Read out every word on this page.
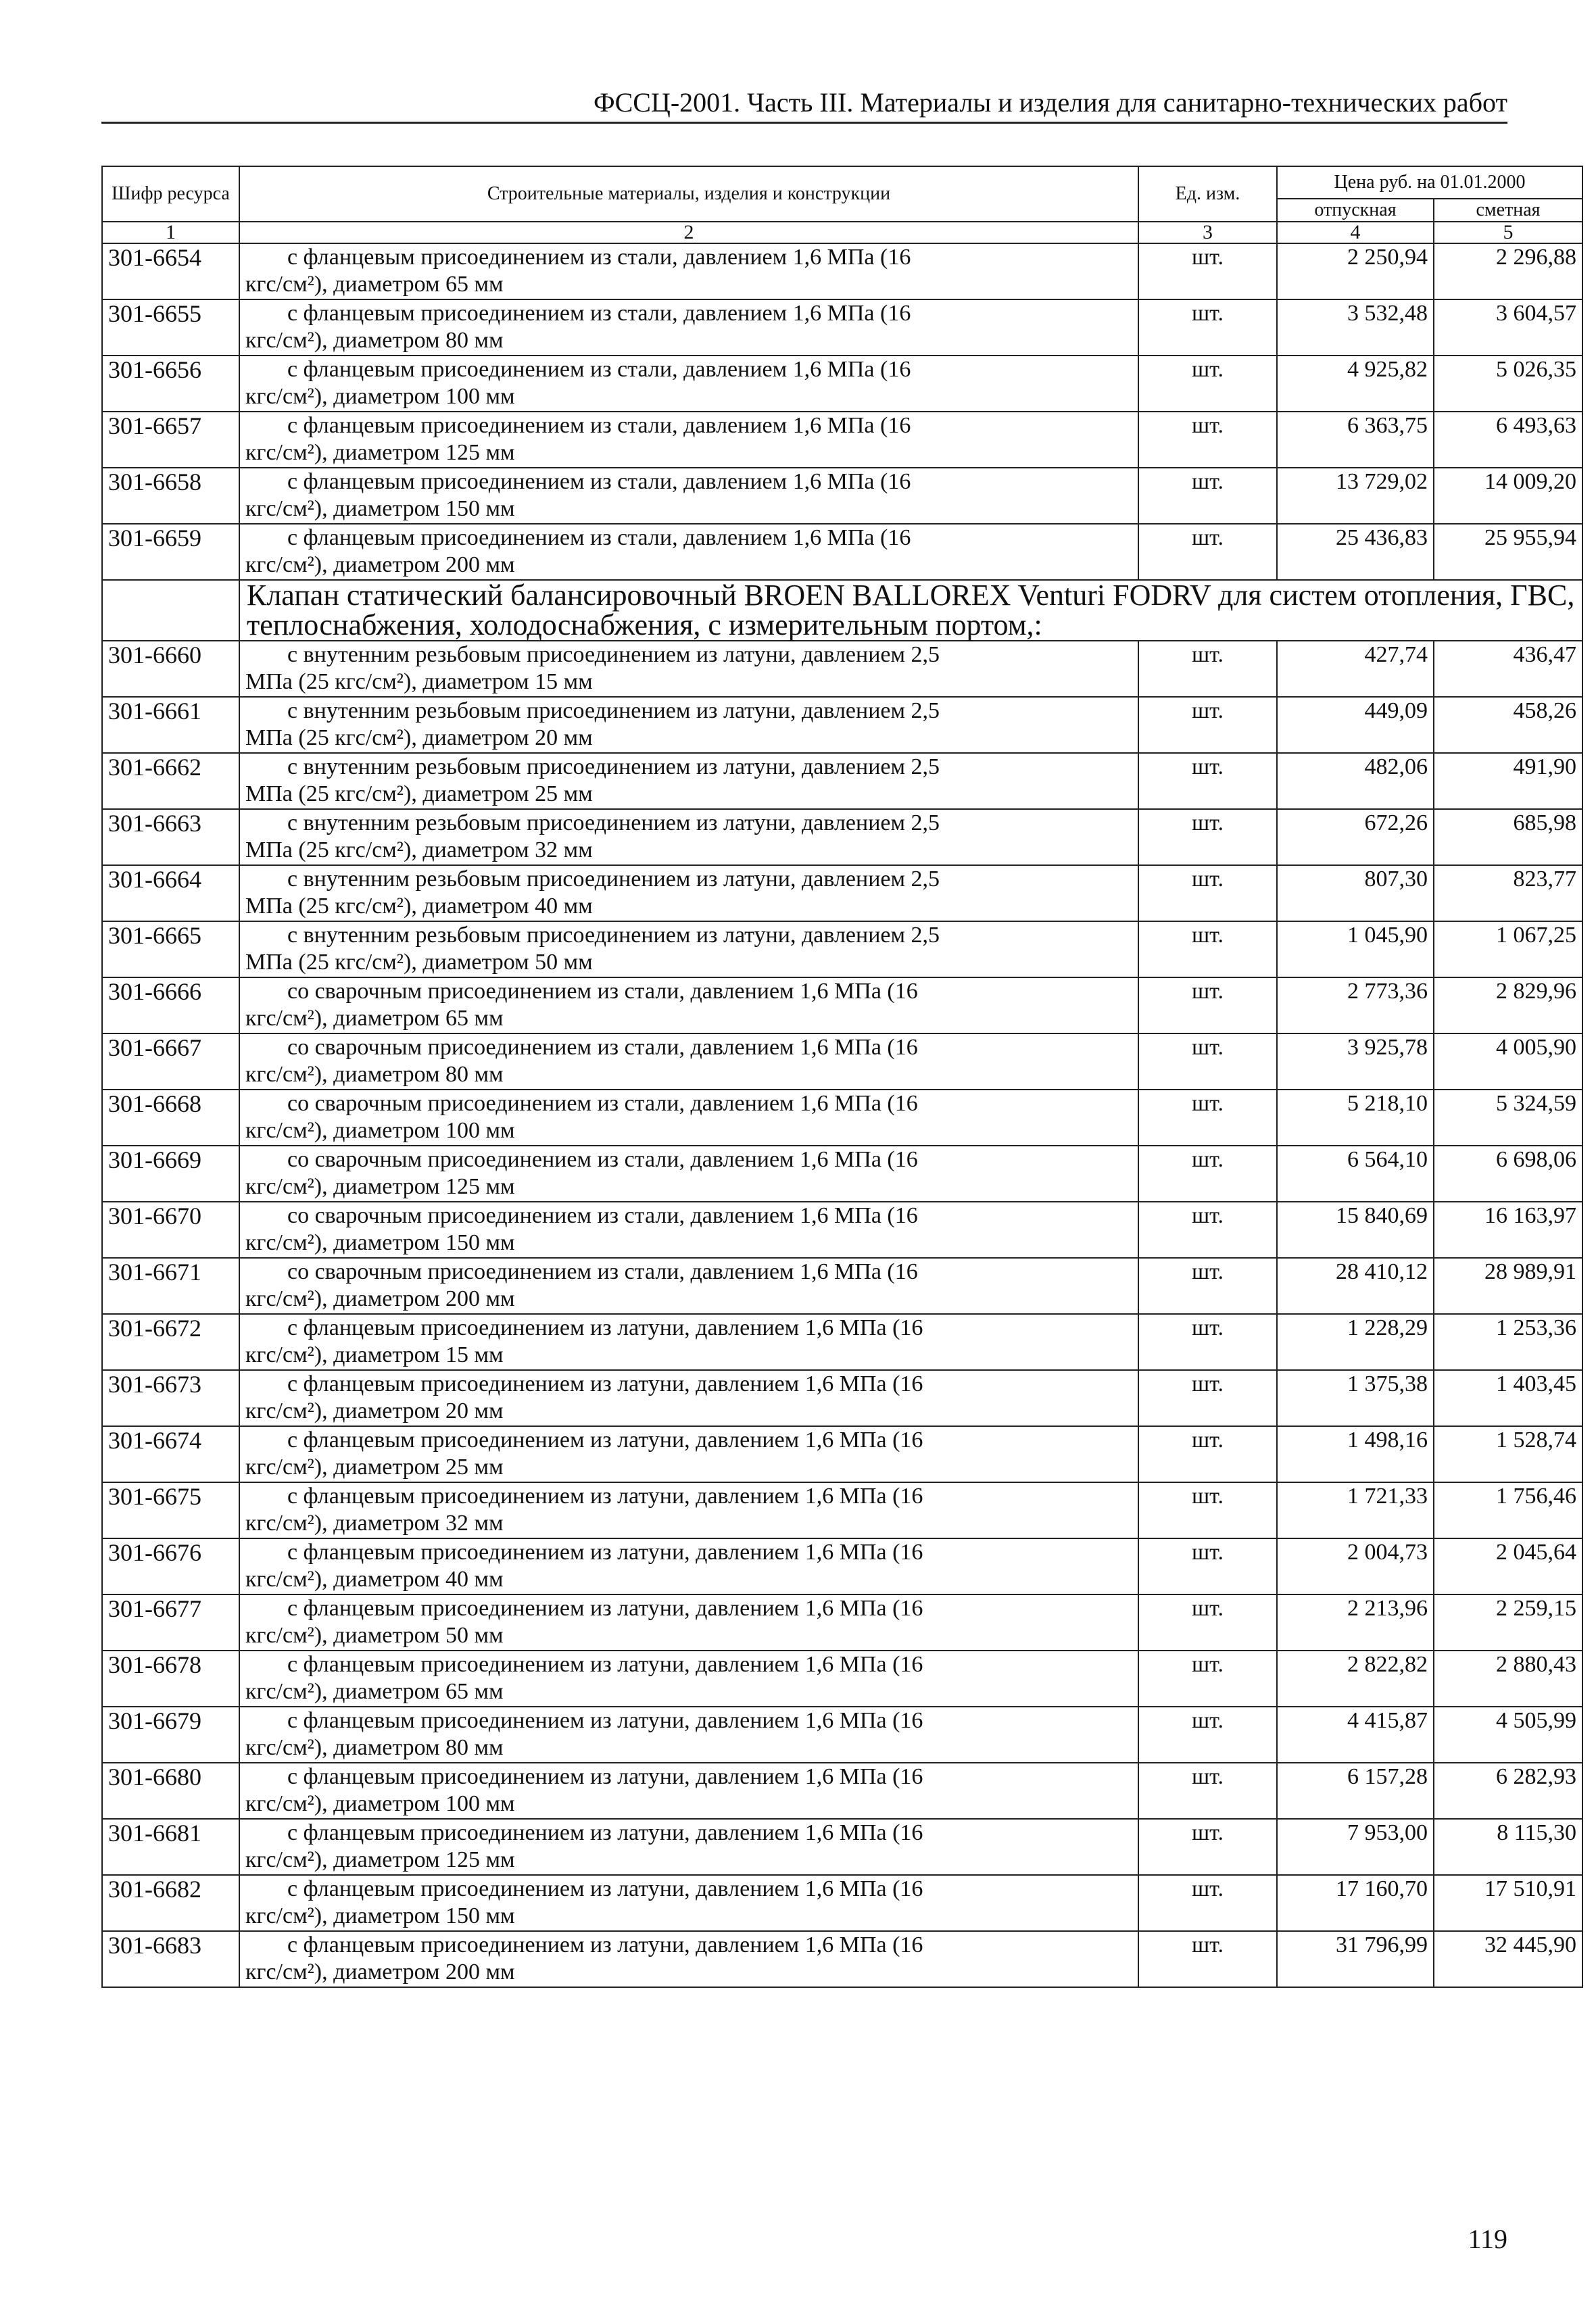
ФССЦ-2001. Часть III. Материалы и изделия для санитарно-технических работ
Шифр ресурса	Строительные материалы, изделия и конструкции	Ед. изм.	Цена руб. на 01.01.2000	
			отпускная	сметная
1	2	3	4	5
301-6654	с фланцевым присоединением из стали, давлением 1,6 МПа (16
кгс/см²), диаметром 65 мм	шт.	2 250,94	2 296,88
301-6655	с фланцевым присоединением из стали, давлением 1,6 МПа (16
кгс/см²), диаметром 80 мм	шт.	3 532,48	3 604,57
301-6656	с фланцевым присоединением из стали, давлением 1,6 МПа (16
кгс/см²), диаметром 100 мм	шт.	4 925,82	5 026,35
301-6657	с фланцевым присоединением из стали, давлением 1,6 МПа (16
кгс/см²), диаметром 125 мм	шт.	6 363,75	6 493,63
301-6658	с фланцевым присоединением из стали, давлением 1,6 МПа (16
кгс/см²), диаметром 150 мм	шт.	13 729,02	14 009,20
301-6659	с фланцевым присоединением из стали, давлением 1,6 МПа (16
кгс/см²), диаметром 200 мм	шт.	25 436,83	25 955,94
	Клапан статический балансировочный BROEN BALLOREX Venturi FODRV для систем отопления, ГВС, теплоснабжения, холодоснабжения, с измерительным портом,:			
301-6660	с внутенним резьбовым присоединением из латуни, давлением 2,5
МПа (25 кгс/см²), диаметром 15 мм	шт.	427,74	436,47
301-6661	с внутенним резьбовым присоединением из латуни, давлением 2,5
МПа (25 кгс/см²), диаметром 20 мм	шт.	449,09	458,26
301-6662	с внутенним резьбовым присоединением из латуни, давлением 2,5
МПа (25 кгс/см²), диаметром 25 мм	шт.	482,06	491,90
301-6663	с внутенним резьбовым присоединением из латуни, давлением 2,5
МПа (25 кгс/см²), диаметром 32 мм	шт.	672,26	685,98
301-6664	с внутенним резьбовым присоединением из латуни, давлением 2,5
МПа (25 кгс/см²), диаметром 40 мм	шт.	807,30	823,77
301-6665	с внутенним резьбовым присоединением из латуни, давлением 2,5
МПа (25 кгс/см²), диаметром 50 мм	шт.	1 045,90	1 067,25
301-6666	со сварочным присоединением из стали, давлением 1,6 МПа (16
кгс/см²), диаметром 65 мм	шт.	2 773,36	2 829,96
301-6667	со сварочным присоединением из стали, давлением 1,6 МПа (16
кгс/см²), диаметром 80 мм	шт.	3 925,78	4 005,90
301-6668	со сварочным присоединением из стали, давлением 1,6 МПа (16
кгс/см²), диаметром 100 мм	шт.	5 218,10	5 324,59
301-6669	со сварочным присоединением из стали, давлением 1,6 МПа (16
кгс/см²), диаметром 125 мм	шт.	6 564,10	6 698,06
301-6670	со сварочным присоединением из стали, давлением 1,6 МПа (16
кгс/см²), диаметром 150 мм	шт.	15 840,69	16 163,97
301-6671	со сварочным присоединением из стали, давлением 1,6 МПа (16
кгс/см²), диаметром 200 мм	шт.	28 410,12	28 989,91
301-6672	с фланцевым присоединением из латуни, давлением 1,6 МПа (16
кгс/см²), диаметром 15 мм	шт.	1 228,29	1 253,36
301-6673	с фланцевым присоединением из латуни, давлением 1,6 МПа (16
кгс/см²), диаметром 20 мм	шт.	1 375,38	1 403,45
301-6674	с фланцевым присоединением из латуни, давлением 1,6 МПа (16
кгс/см²), диаметром 25 мм	шт.	1 498,16	1 528,74
301-6675	с фланцевым присоединением из латуни, давлением 1,6 МПа (16
кгс/см²), диаметром 32 мм	шт.	1 721,33	1 756,46
301-6676	с фланцевым присоединением из латуни, давлением 1,6 МПа (16
кгс/см²), диаметром 40 мм	шт.	2 004,73	2 045,64
301-6677	с фланцевым присоединением из латуни, давлением 1,6 МПа (16
кгс/см²), диаметром 50 мм	шт.	2 213,96	2 259,15
301-6678	с фланцевым присоединением из латуни, давлением 1,6 МПа (16
кгс/см²), диаметром 65 мм	шт.	2 822,82	2 880,43
301-6679	с фланцевым присоединением из латуни, давлением 1,6 МПа (16
кгс/см²), диаметром 80 мм	шт.	4 415,87	4 505,99
301-6680	с фланцевым присоединением из латуни, давлением 1,6 МПа (16
кгс/см²), диаметром 100 мм	шт.	6 157,28	6 282,93
301-6681	с фланцевым присоединением из латуни, давлением 1,6 МПа (16
кгс/см²), диаметром 125 мм	шт.	7 953,00	8 115,30
301-6682	с фланцевым присоединением из латуни, давлением 1,6 МПа (16
кгс/см²), диаметром 150 мм	шт.	17 160,70	17 510,91
301-6683	с фланцевым присоединением из латуни, давлением 1,6 МПа (16
кгс/см²), диаметром 200 мм	шт.	31 796,99	32 445,90
119
